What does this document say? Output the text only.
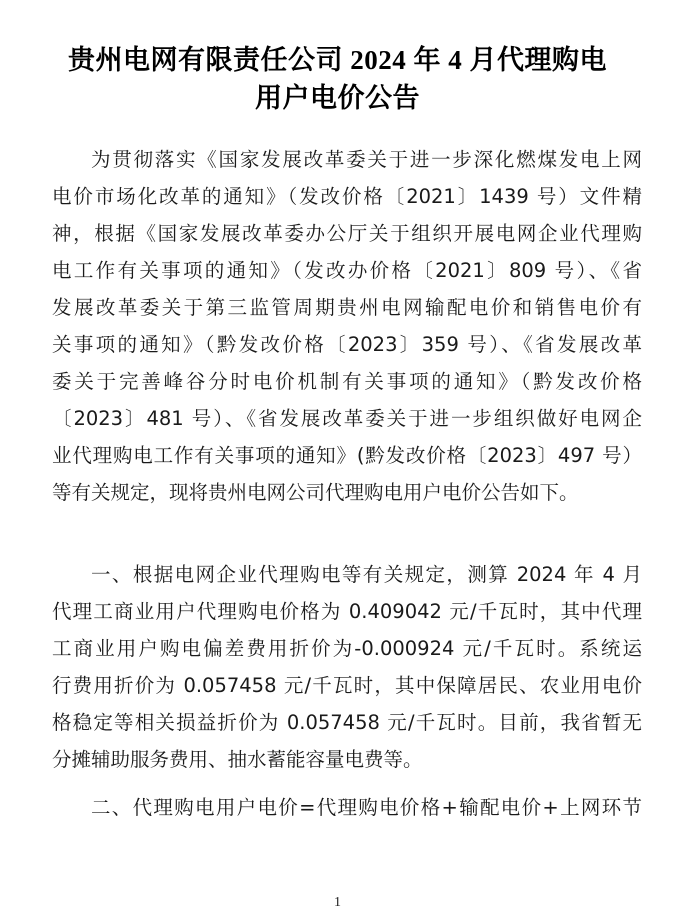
贵州电网有限责任公司 2024 年 4 月代理购电
用户电价公告
为贯彻落实《国家发展改革委关于进一步深化燃煤发电上网
电价市场化改革的通知》（发改价格〔2021〕1439 号）文件精
神，根据《国家发展改革委办公厅关于组织开展电网企业代理购
电工作有关事项的通知》（发改办价格〔2021〕809 号）、《省
发展改革委关于第三监管周期贵州电网输配电价和销售电价有
关事项的通知》（黔发改价格〔2023〕359 号）、《省发展改革
委关于完善峰谷分时电价机制有关事项的通知》（黔发改价格
〔2023〕481 号）、《省发展改革委关于进一步组织做好电网企
业代理购电工作有关事项的通知》(黔发改价格〔2023〕497 号）
等有关规定，现将贵州电网公司代理购电用户电价公告如下。
一、根据电网企业代理购电等有关规定，测算 2024 年 4 月
代理工商业用户代理购电价格为 0.409042 元/千瓦时，其中代理
工商业用户购电偏差费用折价为-0.000924 元/千瓦时。系统运
行费用折价为 0.057458 元/千瓦时，其中保障居民、农业用电价
格稳定等相关损益折价为 0.057458 元/千瓦时。目前，我省暂无
分摊辅助服务费用、抽水蓄能容量电费等。
二、代理购电用户电价=代理购电价格+输配电价+上网环节
1
